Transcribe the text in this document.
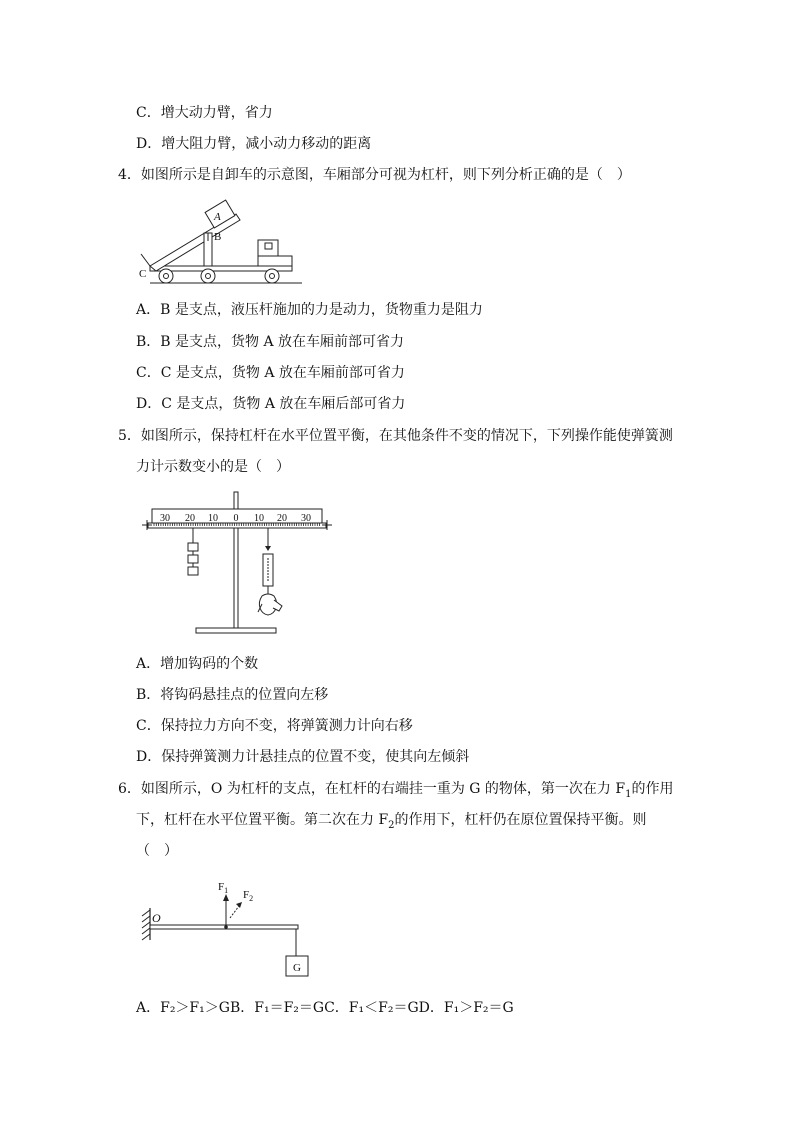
C．增大动力臂，省力
D．增大阻力臂，减小动力移动的距离
4．如图所示是自卸车的示意图，车厢部分可视为杠杆，则下列分析正确的是（　）
A
B
C
A．B 是支点，液压杆施加的力是动力，货物重力是阻力
B．B 是支点，货物 A 放在车厢前部可省力
C．C 是支点，货物 A 放在车厢前部可省力
D．C 是支点，货物 A 放在车厢后部可省力
5．如图所示，保持杠杆在水平位置平衡，在其他条件不变的情况下，下列操作能使弹簧测
力计示数变小的是（　）
30 20 10 0 10 20 30
A．增加钩码的个数
B．将钩码悬挂点的位置向左移
C．保持拉力方向不变，将弹簧测力计向右移
D．保持弹簧测力计悬挂点的位置不变，使其向左倾斜
6．如图所示，O 为杠杆的支点，在杠杆的右端挂一重为 G 的物体，第一次在力 $F_1$的作用
下，杠杆在水平位置平衡。第二次在力 $F_2$的作用下，杠杆仍在原位置保持平衡。则
（　）
O
$F_1$ $F_2$
G
A．F₂＞F₁＞GB．F₁＝F₂＝GC．F₁＜F₂＝GD．F₁＞F₂＝G
